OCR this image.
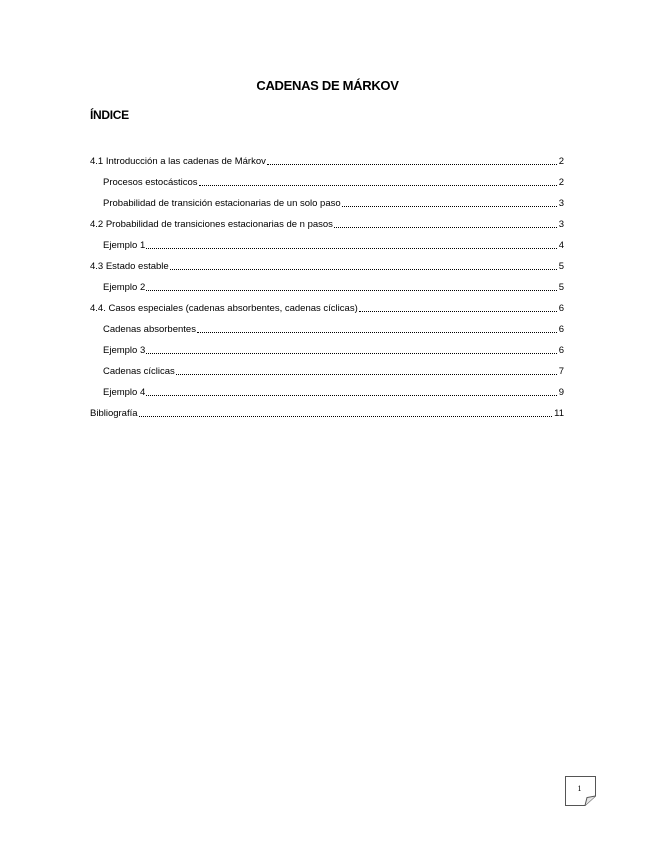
CADENAS DE MÁRKOV
ÍNDICE
4.1 Introducción a las cadenas de Márkov	2
Procesos estocásticos	2
Probabilidad de transición estacionarias de un solo paso	3
4.2 Probabilidad de transiciones estacionarias de n pasos	3
Ejemplo 1	4
4.3 Estado estable	5
Ejemplo 2	5
4.4. Casos especiales (cadenas absorbentes, cadenas cíclicas)	6
Cadenas absorbentes	6
Ejemplo 3	6
Cadenas cíclicas	7
Ejemplo 4	9
Bibliografía	11
1
